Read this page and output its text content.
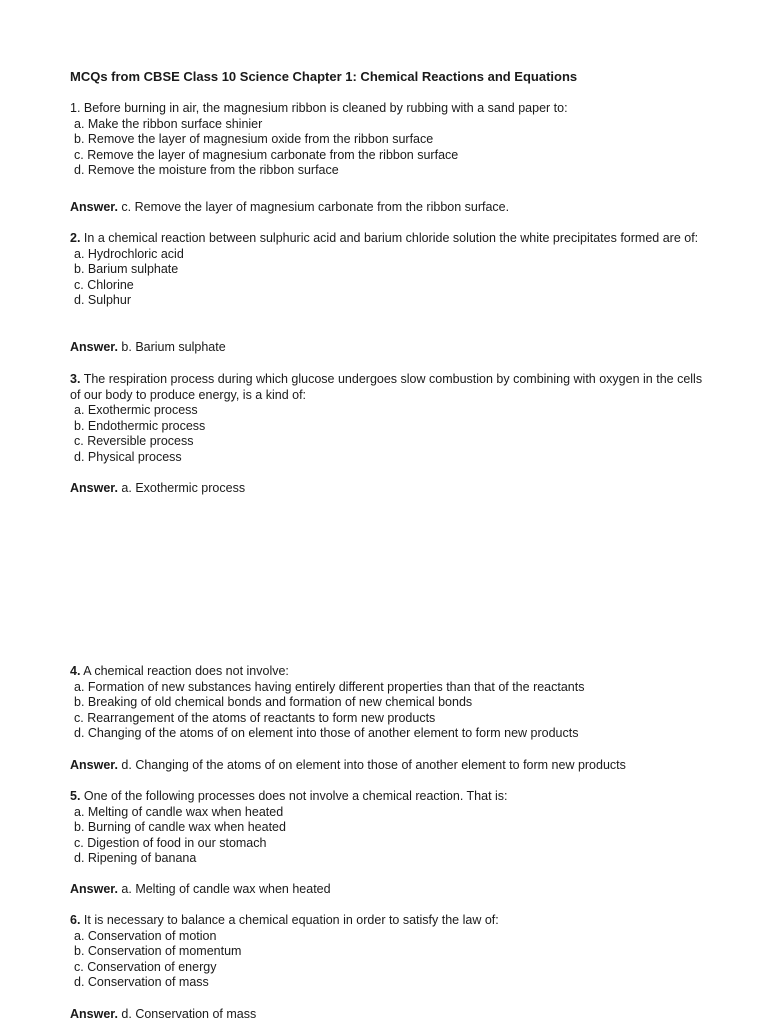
MCQs from CBSE Class 10 Science Chapter 1: Chemical Reactions and Equations
1. Before burning in air, the magnesium ribbon is cleaned by rubbing with a sand paper to:
a. Make the ribbon surface shinier
b. Remove the layer of magnesium oxide from the ribbon surface
c. Remove the layer of magnesium carbonate from the ribbon surface
d. Remove the moisture from the ribbon surface
Answer. c. Remove the layer of magnesium carbonate from the ribbon surface.
2. In a chemical reaction between sulphuric acid and barium chloride solution the white precipitates formed are of:
a. Hydrochloric acid
b. Barium sulphate
c. Chlorine
d. Sulphur
Answer. b. Barium sulphate
3. The respiration process during which glucose undergoes slow combustion by combining with oxygen in the cells of our body to produce energy, is a kind of:
a. Exothermic process
b. Endothermic process
c. Reversible process
d. Physical process
Answer. a. Exothermic process
4. A chemical reaction does not involve:
a. Formation of new substances having entirely different properties than that of the reactants
b. Breaking of old chemical bonds and formation of new chemical bonds
c. Rearrangement of the atoms of reactants to form new products
d. Changing of the atoms of on element into those of another element to form new products
Answer. d. Changing of the atoms of on element into those of another element to form new products
5. One of the following processes does not involve a chemical reaction. That is:
a. Melting of candle wax when heated
b. Burning of candle wax when heated
c. Digestion of food in our stomach
d. Ripening of banana
Answer. a. Melting of candle wax when heated
6. It is necessary to balance a chemical equation in order to satisfy the law of:
a. Conservation of motion
b. Conservation of momentum
c. Conservation of energy
d. Conservation of mass
Answer. d. Conservation of mass
